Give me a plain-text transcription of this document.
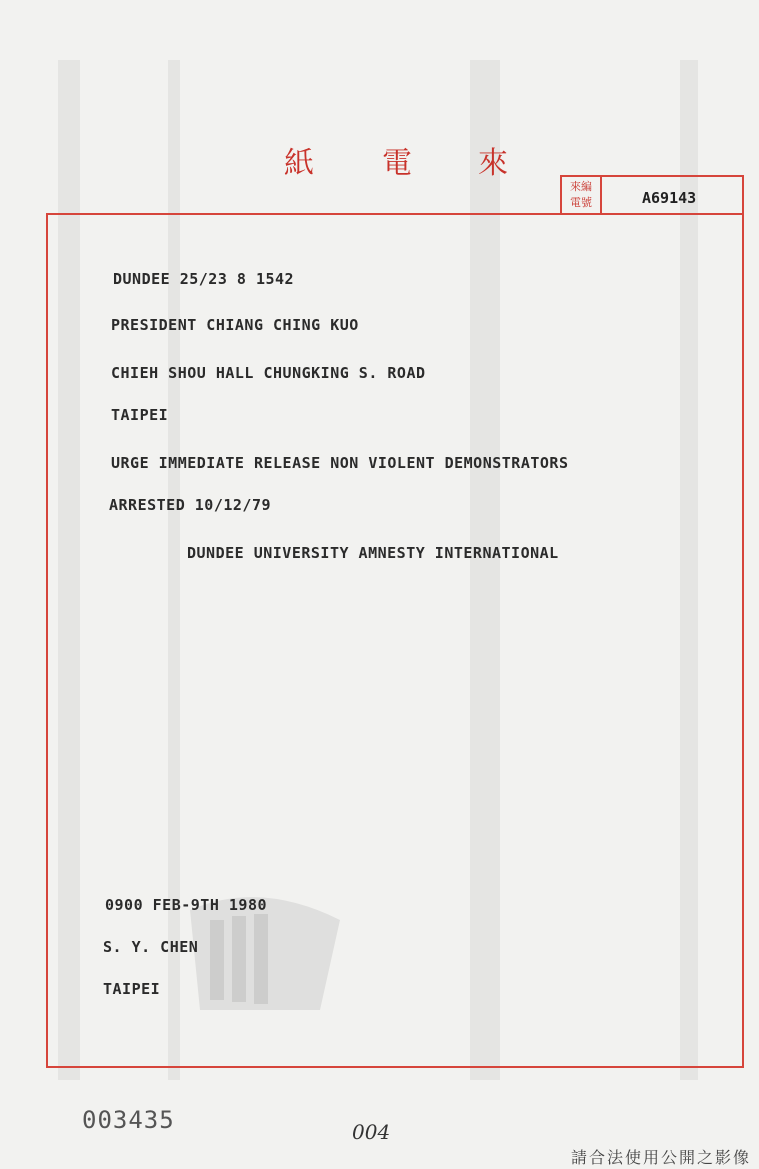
紙 電 來
來編
電號	A69143
DUNDEE 25/23 8 1542
PRESIDENT CHIANG CHING KUO
CHIEH SHOU HALL CHUNGKING S. ROAD
TAIPEI
URGE IMMEDIATE RELEASE NON VIOLENT DEMONSTRATORS
ARRESTED 10/12/79
DUNDEE UNIVERSITY AMNESTY INTERNATIONAL
0900 FEB-9TH 1980
S. Y. CHEN
TAIPEI
003435	004
請合法使用公開之影像
